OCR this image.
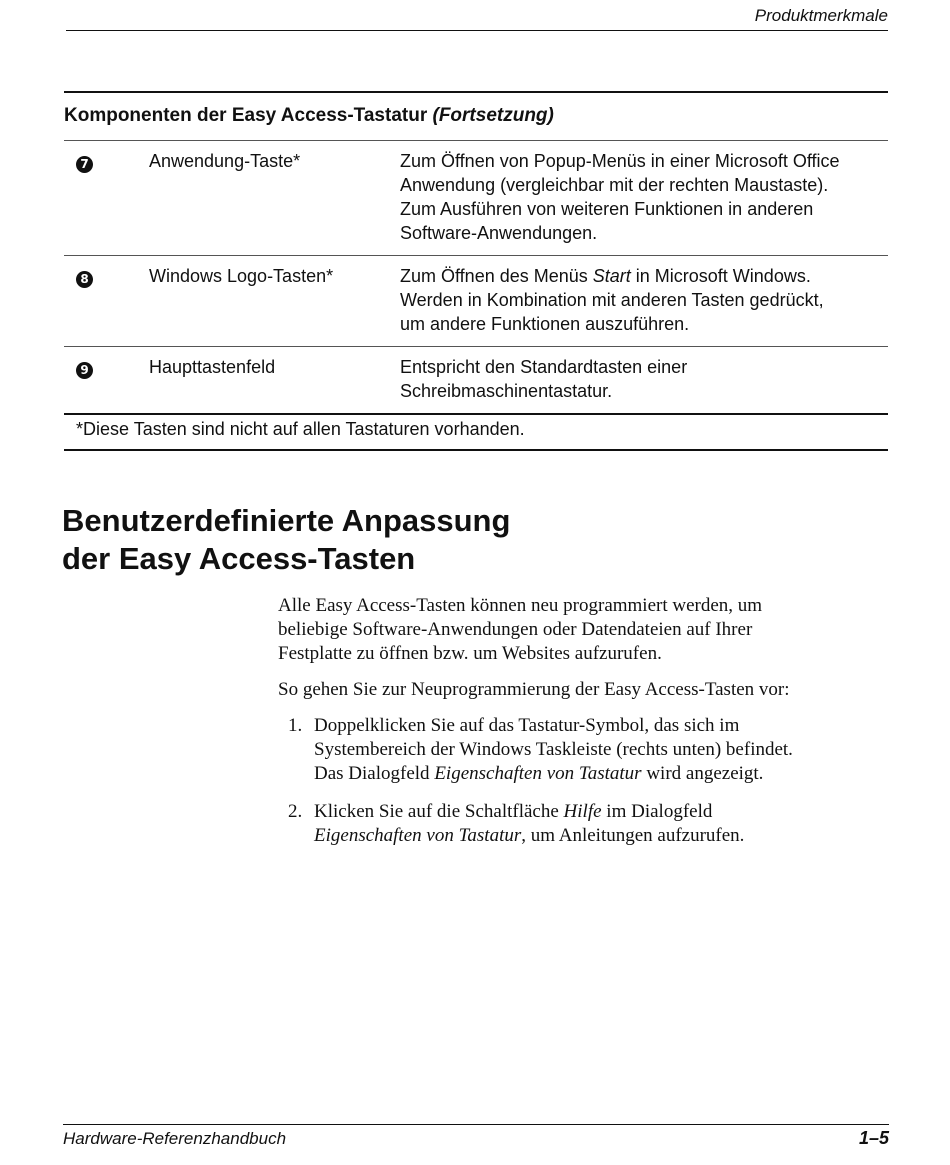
Produktmerkmale
Komponenten der Easy Access-Tastatur (Fortsetzung)
7	Anwendung-Taste*	Zum Öffnen von Popup-Menüs in einer Microsoft Office
Anwendung (vergleichbar mit der rechten Maustaste).
Zum Ausführen von weiteren Funktionen in anderen
Software-Anwendungen.

8	Windows Logo-Tasten*	Zum Öffnen des Menüs Start in Microsoft Windows.
Werden in Kombination mit anderen Tasten gedrückt,
um andere Funktionen auszuführen.

9	Haupttastenfeld	Entspricht den Standardtasten einer
Schreibmaschinentastatur.
*Diese Tasten sind nicht auf allen Tastaturen vorhanden.
Benutzerdefinierte Anpassung
der Easy Access-Tasten

Alle Easy Access-Tasten können neu programmiert werden, um
beliebige Software-Anwendungen oder Datendateien auf Ihrer
Festplatte zu öffnen bzw. um Websites aufzurufen.

So gehen Sie zur Neuprogrammierung der Easy Access-Tasten vor:

1. Doppelklicken Sie auf das Tastatur-Symbol, das sich im
Systembereich der Windows Taskleiste (rechts unten) befindet.
Das Dialogfeld Eigenschaften von Tastatur wird angezeigt.
2. Klicken Sie auf die Schaltfläche Hilfe im Dialogfeld
Eigenschaften von Tastatur, um Anleitungen aufzurufen.
Hardware-Referenzhandbuch	1–5
